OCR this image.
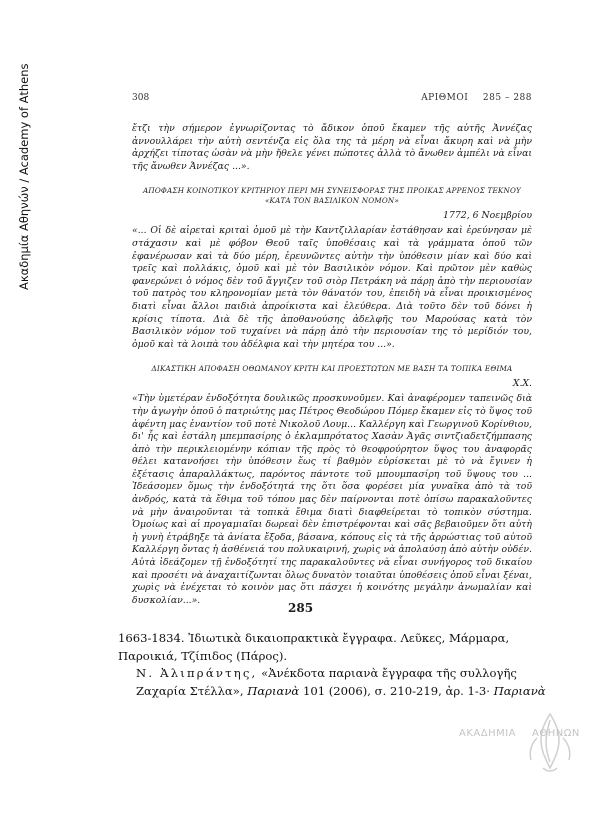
Ακαδημία Αθηνών / Academy of Athens	308	ΑΡΙΘΜΟΙ 285 – 288

ἔτζι τὴν σήμερον ἐγνωρίζοντας τὸ ἄδικον ὁποῦ ἔκαμεν τῆς αὐτῆς Ἀννέζας ἀννουλλάρει τὴν αὐτὴ σεντένζα εἰς ὅλα της τὰ μέρη νὰ εἶναι ἄκυρη καὶ νὰ μὴν ἀρχήζει τίποτας ὡσὰν νὰ μὴν ἤθελε γένει πώποτες ἀλλὰ τὸ ἄνωθεν ἀμπέλι νὰ εἶναι τῆς ἄνωθεν Ἀννέζας ...».

ΑΠΟΦΑΣΗ ΚΟΙΝΟΤΙΚΟΥ ΚΡΙΤΗΡΙΟΥ ΠΕΡΙ ΜΗ ΣΥΝΕΙΣΦΟΡΑΣ ΤΗΣ ΠΡΟΙΚΑΣ ΑΡΡΕΝΟΣ ΤΕΚΝΟΥ «ΚΑΤΑ ΤΟΝ ΒΑΣΙΛΙΚΟΝ ΝΟΜΟΝ»
1772, 6 Νοεμβρίου

«... Οἱ δὲ αἱρεταὶ κριταὶ ὁμοῦ μὲ τὴν Καντζιλλαρίαν ἐστάθησαν καὶ ἐρεύνησαν μὲ στάχασιν καὶ μὲ φόβον Θεοῦ ταῖς ὑποθέσαις καὶ τὰ γράμματα ὁποῦ τῶν ἐφανέρωσαν καὶ τὰ δύο μέρη, ἐρευνῶντες αὐτὴν τὴν ὑπόθεσιν μίαν καὶ δύο καὶ τρεῖς καὶ πολλάκις, ὁμοῦ καὶ μὲ τὸν Βασιλικὸν νόμον. Καὶ πρῶτον μὲν καθὼς φανερώνει ὁ νόμος δὲν τοῦ ἄγγιζεν τοῦ σιὸρ Πετράκη νὰ πάρῃ ἀπὸ τὴν περιουσίαν τοῦ πατρὸς του κληρονομίαν μετὰ τὸν θάνατόν του, ἐπειδὴ νὰ εἶναι προικισμένος διατὶ εἶναι ἄλλοι παιδιὰ ἀπροίκιστα καὶ ἐλεύθερα. Διὰ τοῦτο δὲν τοῦ δόνει ἡ κρίσις τίποτα. Διὰ δὲ τῆς ἀποθανούσης ἀδελφῆς του Μαρούσας κατὰ τὸν Βασιλικὸν νόμον τοῦ τυχαίνει νὰ πάρῃ ἀπὸ τὴν περιουσίαν της τὸ μερίδιόν του, ὁμοῦ καὶ τὰ λοιπὰ του ἀδέλφια καὶ τὴν μητέρα του ...».

ΔΙΚΑΣΤΙΚΗ ΑΠΟΦΑΣΗ ΟΘΩΜΑΝΟΥ ΚΡΙΤΗ ΚΑΙ ΠΡΟΕΣΤΩΤΩΝ ΜΕ ΒΑΣΗ ΤΑ ΤΟΠΙΚΑ ΕΘΙΜΑ
Χ.Χ.

«Τὴν ὑμετέραν ἐνδοξότητα δουλικῶς προσκυνοῦμεν. Καὶ ἀναφέρομεν ταπεινῶς διὰ τὴν ἀγωγὴν ὁποῦ ὁ πατριώτης μας Πέτρος Θεοδώρου Πόμερ ἔκαμεν εἰς τὸ ὕψος τοῦ ἀφέντη μας ἐναντίον τοῦ ποτὲ Νικολοῦ Λουμ... Καλλέργη καὶ Γεωργινοῦ Κορίνθιου, δι' ἧς καὶ ἐστάλη μπεμπασίρης ὁ ἐκλαμπρότατος Χασὰν Ἀγᾶς σιντζιαδετζήμπασης ἀπὸ τὴν περικλειομένην κόπιαν τῆς πρὸς τὸ θεοφρούρητον ὕψος του ἀναφορᾶς θέλει κατανοήσει τὴν ὑπόθεσιν ἕως τί βαθμὸν εὑρίσκεται μὲ τὸ νὰ ἔγινεν ἡ ἐξέτασις ἀπαραλλάκτως, παρόντος πάντοτε τοῦ μπουμπασίρη τοῦ ὕψους του ... Ἰδεάσομεν ὅμως τὴν ἐνδοξότητά της ὅτι ὅσα φορέσει μία γυναῖκα ἀπὸ τὰ τοῦ ἀνδρός, κατὰ τὰ ἔθιμα τοῦ τόπου μας δὲν παίρνονται ποτὲ ὀπίσω παρακαλοῦντες νὰ μὴν ἀναιροῦνται τὰ τοπικὰ ἔθιμα διατὶ διαφθείρεται τὸ τοπικὸν σύστημα. Ὁμοίως καὶ αἱ προγαμιαῖαι δωρεαὶ δὲν ἐπιστρέφονται καὶ σᾶς βεβαιοῦμεν ὅτι αὐτὴ ἡ γυνὴ ἐτράβηξε τὰ ἀνίατα ἔξοδα, βάσανα, κόπους εἰς τὰ τῆς ἀρρώστιας τοῦ αὐτοῦ Καλλέργη ὄντας ἡ ἀσθένειά του πολυκαιρινή, χωρὶς νὰ ἀπολαύσῃ ἀπὸ αὐτὴν οὐδέν. Αὐτὰ ἰδεάζομεν τῇ ἐνδοξότητί της παρακαλοῦντες νὰ εἶναι συνήγορος τοῦ δικαίου καὶ προσέτι νὰ ἀναχαιτίζωνται ὅλως δυνατὸν τοιαῦται ὑποθέσεις ὁποῦ εἶναι ξέναι, χωρὶς νὰ ἐνέχεται τὸ κοινὸν μας ὅτι πάσχει ἡ κοινότης μεγάλην ἀνωμαλίαν καὶ δυσκολίαν...».

285
1663-1834. Ἰδιωτικὰ δικαιοπρακτικὰ ἔγγραφα. Λεῦκες, Μάρμαρα, Παροικιά, Τζίπιδος (Πάρος).
Ν. Ἀλιπράντης, «Ἀνέκδοτα παριανὰ ἔγγραφα τῆς συλλογῆς Ζαχαρία Στέλλα», Παριανὰ 101 (2006), σ. 210-219, ἀρ. 1-3· Παριανὰ
ΑΚΑΔΗΜΙΑ ΑΘΗΝΩΝ
